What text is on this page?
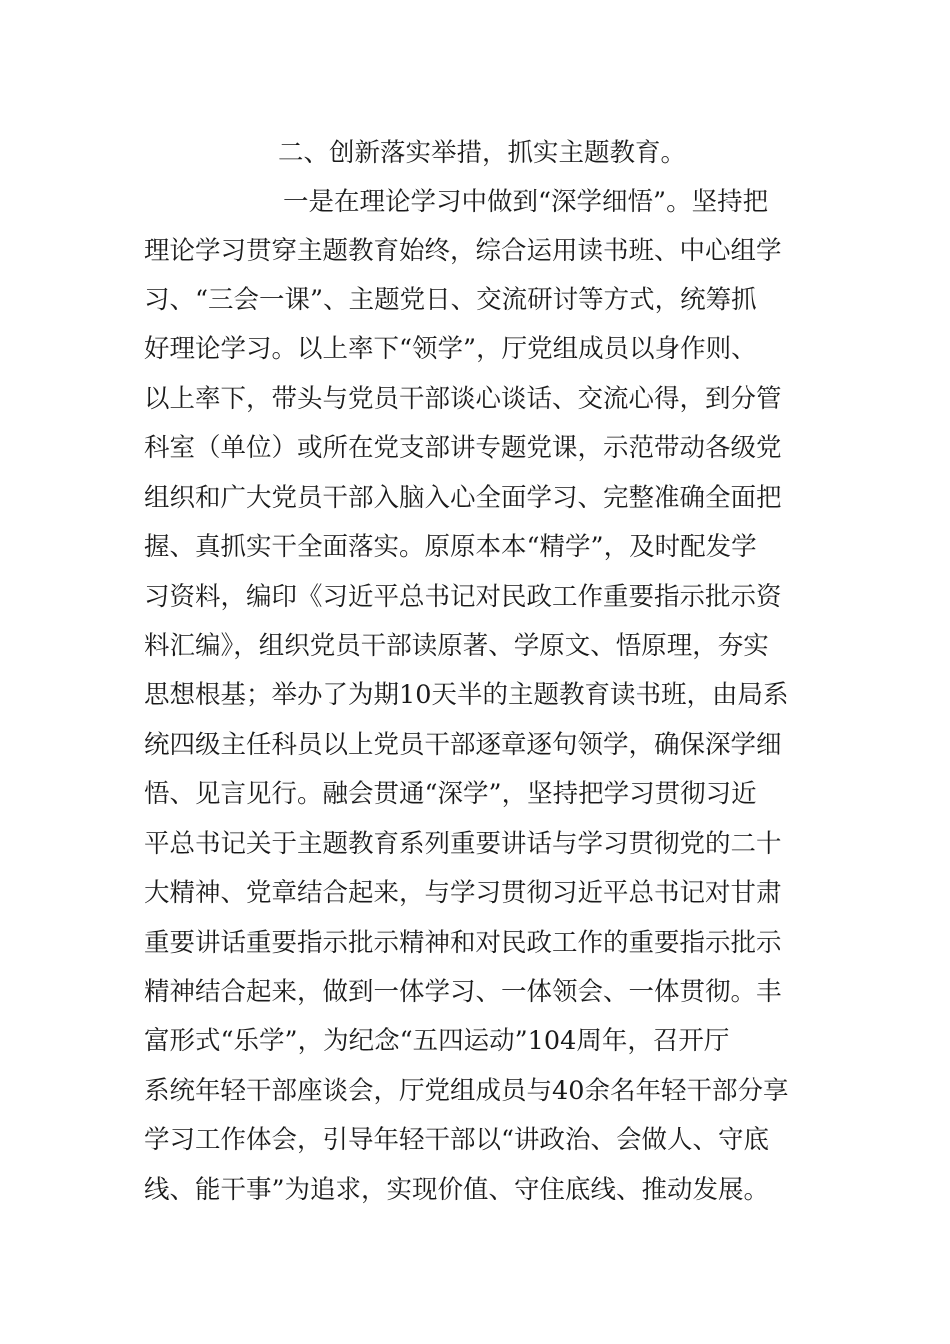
二、创新落实举措，抓实主题教育。
一是在理论学习中做到“深学细悟”。坚持把
理论学习贯穿主题教育始终，综合运用读书班、中心组学
习、“三会一课”、主题党日、交流研讨等方式，统筹抓
好理论学习。以上率下“领学”，厅党组成员以身作则、
以上率下，带头与党员干部谈心谈话、交流心得，到分管
科室（单位）或所在党支部讲专题党课，示范带动各级党
组织和广大党员干部入脑入心全面学习、完整准确全面把
握、真抓实干全面落实。原原本本“精学”，及时配发学
习资料，编印《习近平总书记对民政工作重要指示批示资
料汇编》，组织党员干部读原著、学原文、悟原理，夯实
思想根基；举办了为期10天半的主题教育读书班，由局系
统四级主任科员以上党员干部逐章逐句领学，确保深学细
悟、见言见行。融会贯通“深学”，坚持把学习贯彻习近
平总书记关于主题教育系列重要讲话与学习贯彻党的二十
大精神、党章结合起来，与学习贯彻习近平总书记对甘肃
重要讲话重要指示批示精神和对民政工作的重要指示批示
精神结合起来，做到一体学习、一体领会、一体贯彻。丰
富形式“乐学”，为纪念“五四运动”104周年，召开厅
系统年轻干部座谈会，厅党组成员与40余名年轻干部分享
学习工作体会，引导年轻干部以“讲政治、会做人、守底
线、能干事”为追求，实现价值、守住底线、推动发展。
